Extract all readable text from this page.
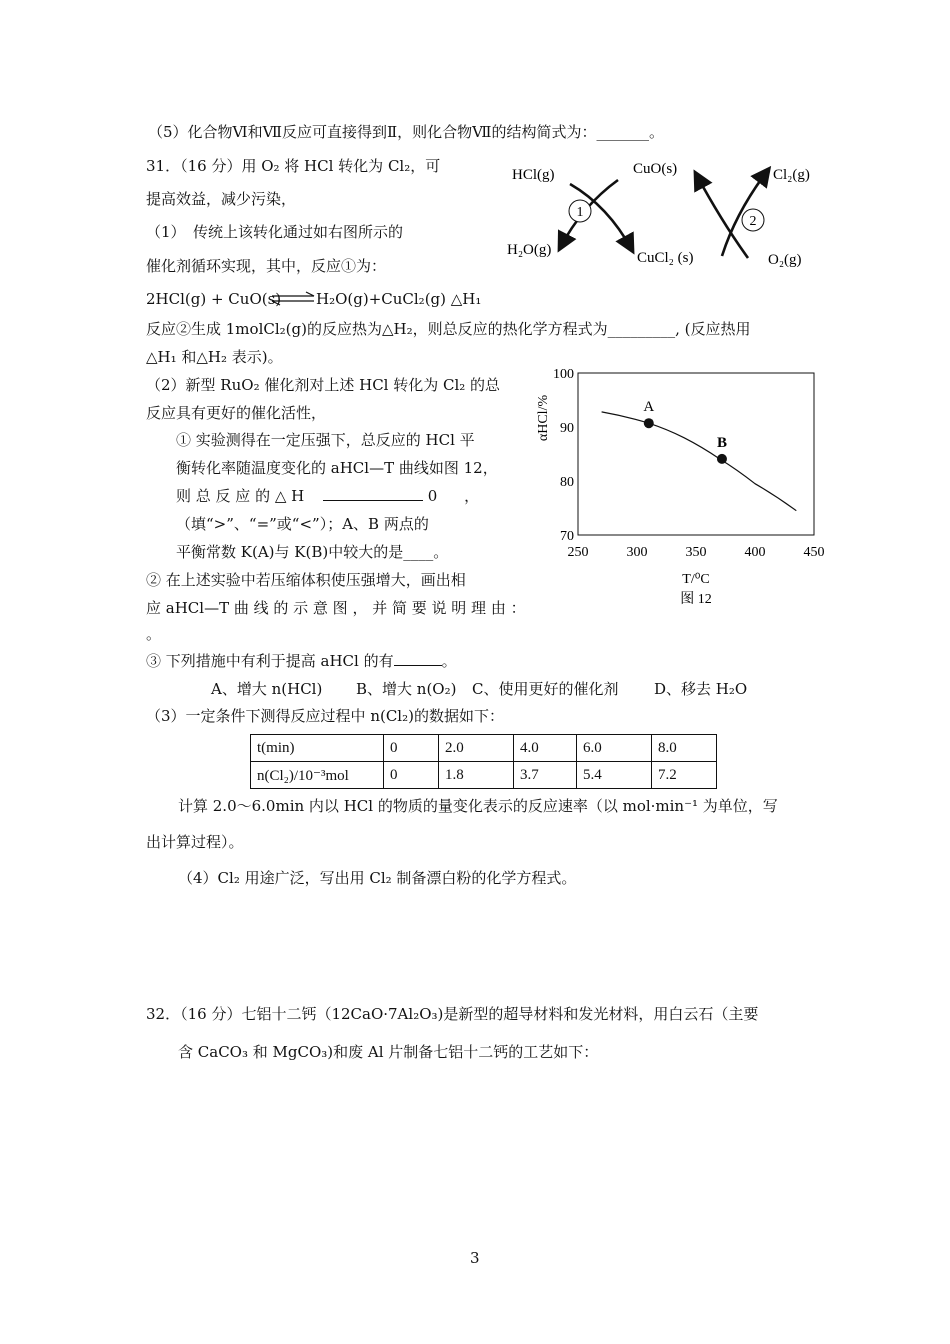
（5）化合物Ⅵ和Ⅶ反应可直接得到Ⅱ，则化合物Ⅶ的结构简式为：_______。
31．（16 分）用 O₂ 将 HCl 转化为 Cl₂，可
提高效益，减少污染，
（1）　传统上该转化通过如右图所示的
催化剂循环实现，其中，反应①为：
2HCl(g) + CuO(s) ⇌ H₂O(g)+CuCl₂(g) △H₁
反应②生成 1molCl₂(g)的反应热为△H₂，则总反应的热化学方程式为_________, (反应热用
△H₁ 和△H₂ 表示)。
（2）新型 RuO₂ 催化剂对上述 HCl 转化为 Cl₂ 的总
反应具有更好的催化活性，
① 实验测得在一定压强下，总反应的 HCl 平
衡转化率随温度变化的 aHCl—T 曲线如图 12，
则 总 反 应 的 △ H	0 ，
（填“>”、“=”或“<”）；A、B 两点的
平衡常数 K(A)与 K(B)中较大的是____。
② 在上述实验中若压缩体积使压强增大，画出相
应 aHCl—T 曲 线 的 示 意 图 ， 并 简 要 说 明 理 由 ：
。
③ 下列措施中有利于提高 aHCl 的有	。
A、增大 n(HCl) B、增大 n(O₂) C、使用更好的催化剂 D、移去 H₂O
（3）一定条件下测得反应过程中 n(Cl₂)的数据如下：
t(min)	0	2.0	4.0	6.0	8.0
n(Cl₂)/10⁻³mol	0	1.8	3.7	5.4	7.2
计算 2.0～6.0min 内以 HCl 的物质的量变化表示的反应速率（以 mol·min⁻¹ 为单位，写
出计算过程）。
（4）Cl₂ 用途广泛，写出用 Cl₂ 制备漂白粉的化学方程式。
32．（16 分）七铝十二钙（12CaO·7Al₂O₃)是新型的超导材料和发光材料，用白云石（主要
含 CaCO₃ 和 MgCO₃)和废 Al 片制备七铝十二钙的工艺如下：
3
HCl(g)	CuO(s)	Cl₂(g)
H₂O(g)	CuCl₂ (s)	O₂(g)
1
2
αHCl/%
T/⁰C
图 12
250	300	350	400	450
70
80
90
100
A
B
